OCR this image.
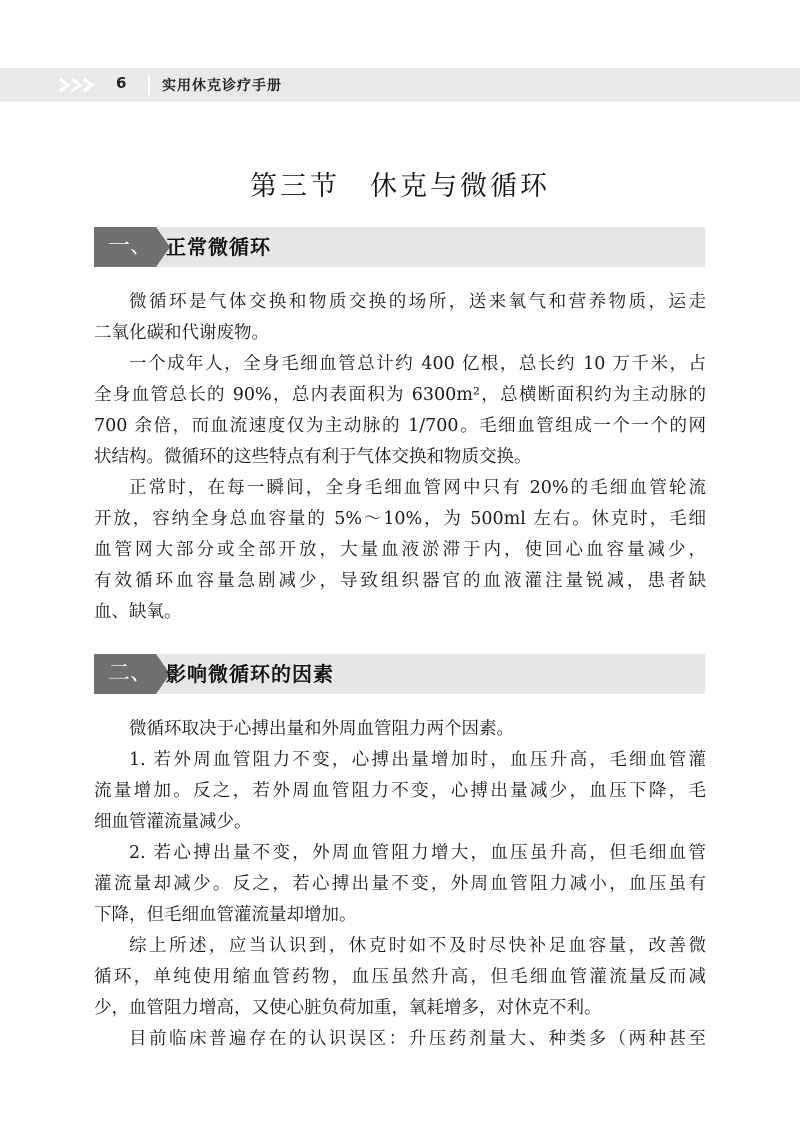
6	实用休克诊疗手册
第三节　休克与微循环
一、 正常微循环

微循环是气体交换和物质交换的场所，送来氧气和营养物质，运走

二氧化碳和代谢废物。

一个成年人，全身毛细血管总计约 400 亿根，总长约 10 万千米，占

全身血管总长的 90%，总内表面积为 6300m²，总横断面积约为主动脉的

700 余倍，而血流速度仅为主动脉的 1/700。毛细血管组成一个一个的网

状结构。微循环的这些特点有利于气体交换和物质交换。

正常时，在每一瞬间，全身毛细血管网中只有 20%的毛细血管轮流

开放，容纳全身总血容量的 5%～10%，为 500ml 左右。休克时，毛细

血管网大部分或全部开放，大量血液淤滞于内，使回心血容量减少，

有效循环血容量急剧减少，导致组织器官的血液灌注量锐减，患者缺

血、缺氧。

二、 影响微循环的因素

微循环取决于心搏出量和外周血管阻力两个因素。

1. 若外周血管阻力不变，心搏出量增加时，血压升高，毛细血管灌

流量增加。反之，若外周血管阻力不变，心搏出量减少，血压下降，毛

细血管灌流量减少。

2. 若心搏出量不变，外周血管阻力增大，血压虽升高，但毛细血管

灌流量却减少。反之，若心搏出量不变，外周血管阻力减小，血压虽有

下降，但毛细血管灌流量却增加。

综上所述，应当认识到，休克时如不及时尽快补足血容量，改善微

循环，单纯使用缩血管药物，血压虽然升高，但毛细血管灌流量反而减

少，血管阻力增高，又使心脏负荷加重，氧耗增多，对休克不利。

目前临床普遍存在的认识误区：升压药剂量大、种类多（两种甚至
